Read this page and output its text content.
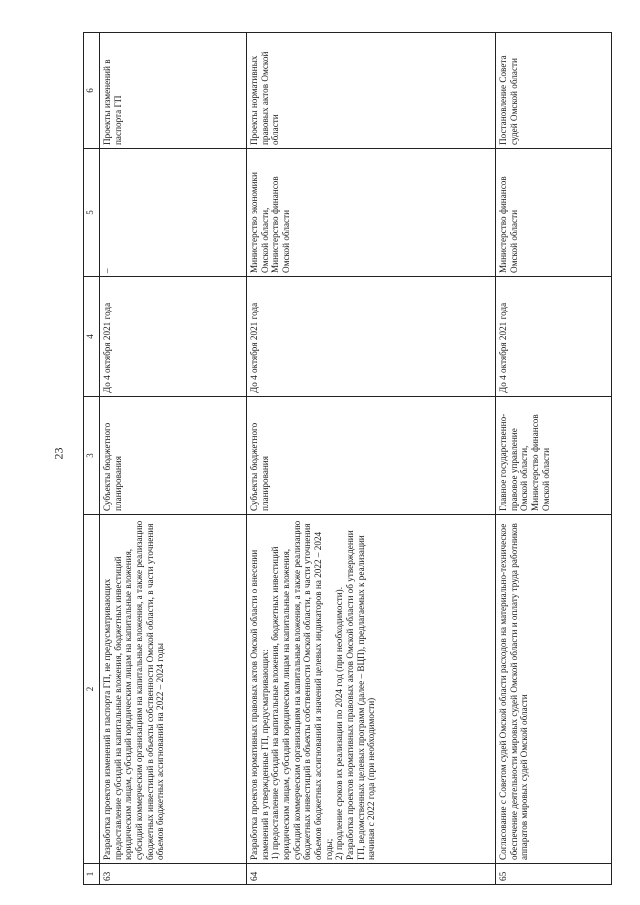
23
1	2	3	4	5	6
63	Разработка проектов изменений в паспорта ГП, не предусматривающих предоставление субсидий на капитальные вложения, бюджетных инвестиций юридическим лицам, субсидий юридическим лицам на капитальные вложения, субсидий коммерческим организациям на капитальные вложения, а также реализацию бюджетных инвестиций в объекты собственности Омской области, в части уточнения объемов бюджетных ассигнований на 2022 – 2024 годы	Субъекты бюджетного планирования	До 4 октября 2021 года	–	Проекты изменений в паспорта ГП
64	Разработка проектов нормативных правовых актов Омской области о внесении изменений в утвержденные ГП, предусматривающих:
1) предоставление субсидий на капитальные вложения, бюджетных инвестиций юридическим лицам, субсидий юридическим лицам на капитальные вложения, субсидий коммерческим организациям на капитальные вложения, а также реализацию бюджетных инвестиций в объекты собственности Омской области, в части уточнения объемов бюджетных ассигнований и значений целевых индикаторов на 2022 – 2024 годы;
2) продление сроков их реализации по 2024 год (при необходимости).
Разработка проектов нормативных правовых актов Омской области об утверждении ГП, ведомственных целевых программ (далее – ВЦП), предлагаемых к реализации начиная с 2022 года (при необходимости)	Субъекты бюджетного планирования	До 4 октября 2021 года	Министерство экономики Омской области, Министерство финансов Омской области	Проекты нормативных правовых актов Омской области
65	Согласование с Советом судей Омской области расходов на материально-техническое обеспечение деятельности мировых судей Омской области и оплату труда работников аппаратов мировых судей Омской области	Главное государственно-правовое управление Омской области, Министерство финансов Омской области	До 4 октября 2021 года	Министерство финансов Омской области	Постановление Совета судей Омской области
